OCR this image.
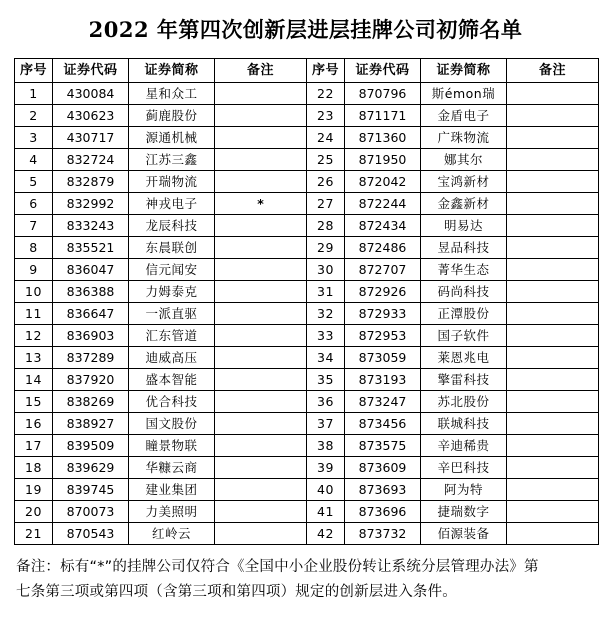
2022 年第四次创新层进层挂牌公司初筛名单
序号	证券代码	证券简称	备注	序号	证券代码	证券简称	备注
1	430084	星和众工		22	870796	斯émon瑞	
2	430623	蓟鹿股份		23	871171	金盾电子	
3	430717	源通机械		24	871360	广珠物流	
4	832724	江苏三鑫		25	871950	娜其尔	
5	832879	开瑞物流		26	872042	宝鸿新材	
6	832992	神戎电子	*	27	872244	金鑫新材	
7	833243	龙辰科技		28	872434	明易达	
8	835521	东晨联创		29	872486	昱品科技	
9	836047	信元闻安		30	872707	菁华生态	
10	836388	力姆泰克		31	872926	码尚科技	
11	836647	一派直驱		32	872933	正潭股份	
12	836903	汇东管道		33	872953	国子软件	
13	837289	迪威高压		34	873059	莱恩兆电	
14	837920	盛本智能		35	873193	擎雷科技	
15	838269	优合科技		36	873247	苏北股份	
16	838927	国文股份		37	873456	联城科技	
17	839509	瞳景物联		38	873575	辛迪稀贵	
18	839629	华糠云商		39	873609	辛巴科技	
19	839745	建业集团		40	873693	阿为特	
20	870073	力美照明		41	873696	捷瑞数字	
21	870543	红岭云		42	873732	佰源装备	
备注：标有“*”的挂牌公司仅符合《全国中小企业股份转让系统分层管理办法》第
七条第三项或第四项（含第三项和第四项）规定的创新层进入条件。
